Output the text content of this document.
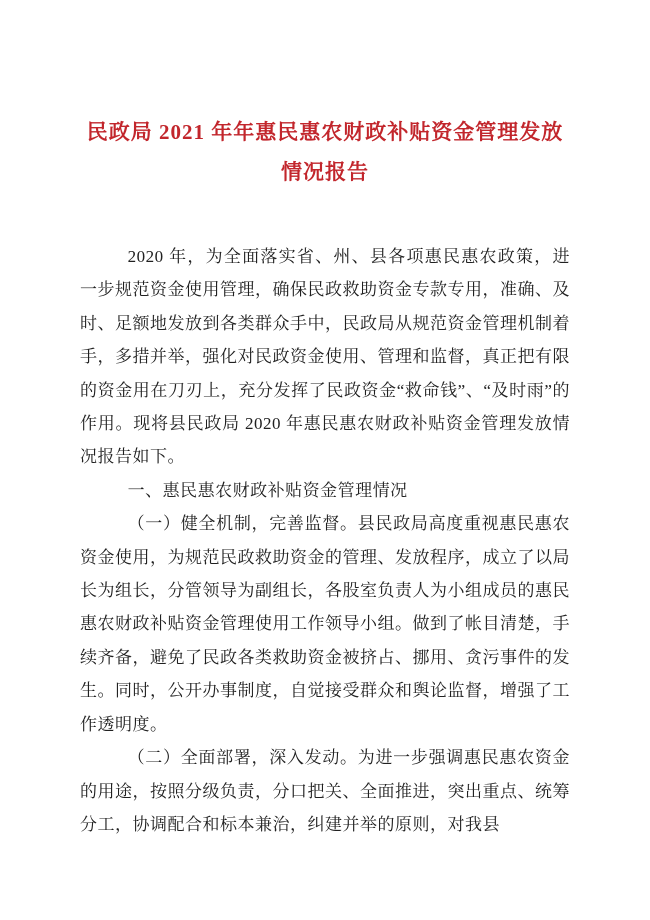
民政局 2021 年年惠民惠农财政补贴资金管理发放情况报告

2020 年，为全面落实省、州、县各项惠民惠农政策，进一步规范资金使用管理，确保民政救助资金专款专用，准确、及时、足额地发放到各类群众手中，民政局从规范资金管理机制着手，多措并举，强化对民政资金使用、管理和监督，真正把有限的资金用在刀刃上，充分发挥了民政资金“救命钱”、“及时雨”的作用。现将县民政局 2020 年惠民惠农财政补贴资金管理发放情况报告如下。

一、惠民惠农财政补贴资金管理情况

（一）健全机制，完善监督。县民政局高度重视惠民惠农资金使用，为规范民政救助资金的管理、发放程序，成立了以局长为组长，分管领导为副组长，各股室负责人为小组成员的惠民惠农财政补贴资金管理使用工作领导小组。做到了帐目清楚，手续齐备，避免了民政各类救助资金被挤占、挪用、贪污事件的发生。同时，公开办事制度，自觉接受群众和舆论监督，增强了工作透明度。

（二）全面部署，深入发动。为进一步强调惠民惠农资金的用途，按照分级负责，分口把关、全面推进，突出重点、统筹分工，协调配合和标本兼治，纠建并举的原则，对我县
